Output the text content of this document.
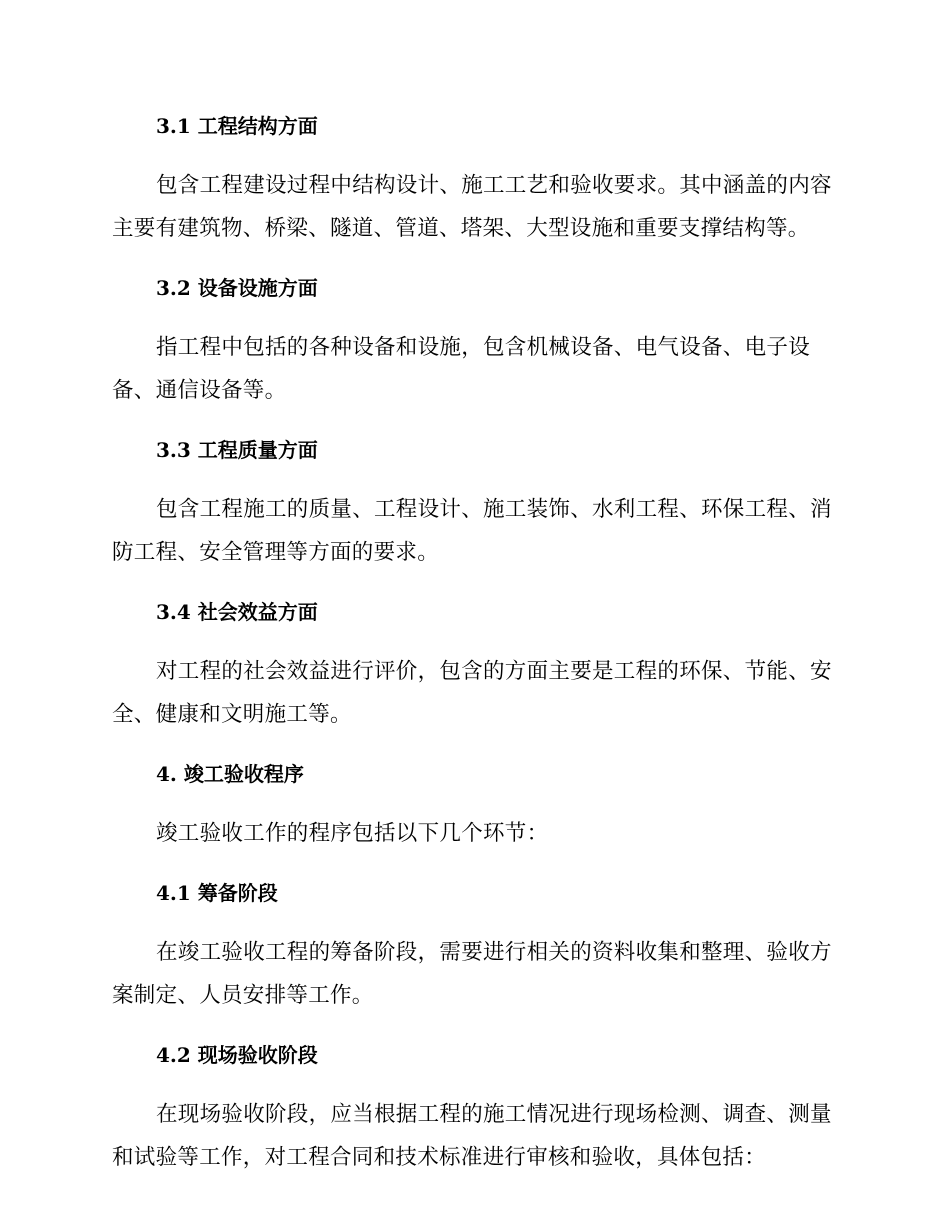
3.1 工程结构方面

包含工程建设过程中结构设计、施工工艺和验收要求。其中涵盖的内容主要有建筑物、桥梁、隧道、管道、塔架、大型设施和重要支撑结构等。

3.2 设备设施方面

指工程中包括的各种设备和设施，包含机械设备、电气设备、电子设备、通信设备等。

3.3 工程质量方面

包含工程施工的质量、工程设计、施工装饰、水利工程、环保工程、消防工程、安全管理等方面的要求。

3.4 社会效益方面

对工程的社会效益进行评价，包含的方面主要是工程的环保、节能、安全、健康和文明施工等。

4. 竣工验收程序

竣工验收工作的程序包括以下几个环节：

4.1 筹备阶段

在竣工验收工程的筹备阶段，需要进行相关的资料收集和整理、验收方案制定、人员安排等工作。

4.2 现场验收阶段

在现场验收阶段，应当根据工程的施工情况进行现场检测、调查、测量和试验等工作，对工程合同和技术标准进行审核和验收，具体包括：
